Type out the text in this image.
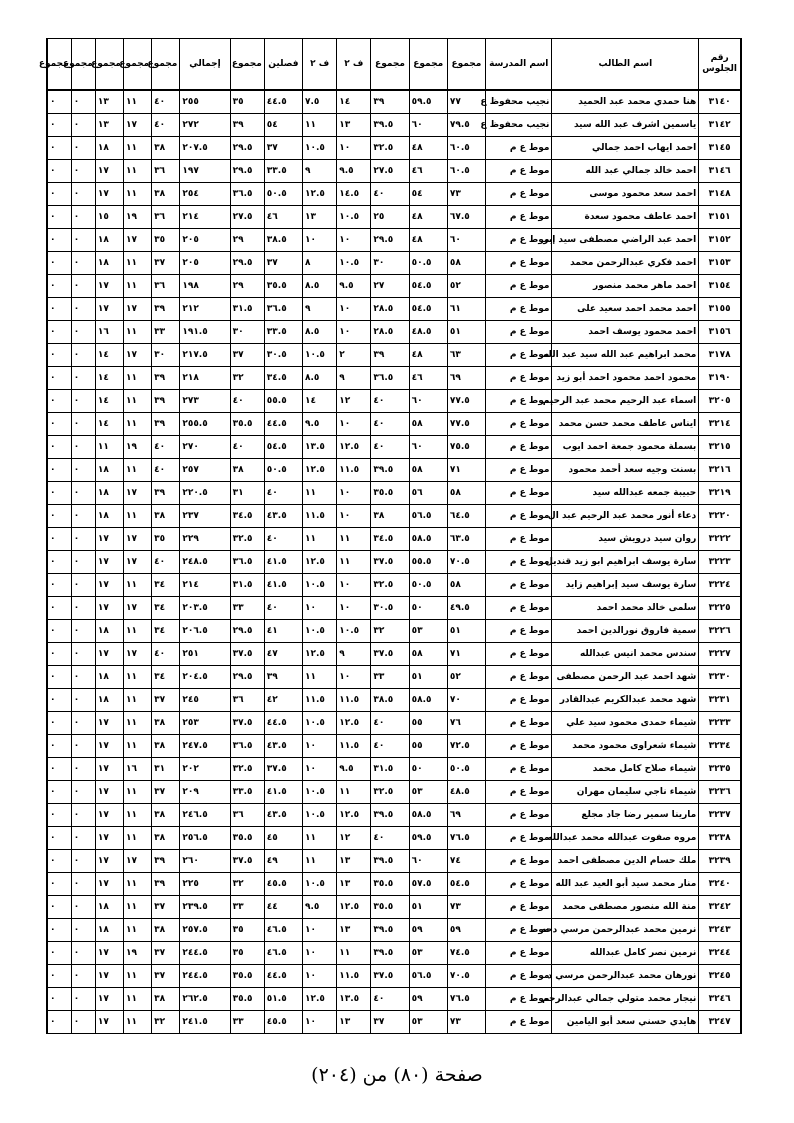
رقم الجلوس	اسم الطالب	اسم المدرسة	مجموع	مجموع	مجموع	ف ٢	ف ٢	فصلين	مجموع	إجمالي	مجموع	مجموع	مجموع	مجموع	مجموع
٣١٤٠	هنا حمدي محمد عبد الحميد	نجيب محفوظ ع	٧٧	٥٩.٥	٣٩	١٤	٧.٥	٤٤.٥	٣٥	٢٥٥	٤٠	١١	١٣	٠	٠
٣١٤٢	ياسمين اشرف عبد الله سيد	نجيب محفوظ ع	٧٩.٥	٦٠	٣٩.٥	١٣	١١	٥٤	٣٩	٢٧٢	٤٠	١٧	١٣	٠	٠
٣١٤٥	احمد ايهاب احمد جمالي	موط ع م	٦٠.٥	٤٨	٣٢.٥	١٠	١٠.٥	٣٧	٢٩.٥	٢٠٧.٥	٣٨	١١	١٨	٠	٠
٣١٤٦	احمد خالد جمالي عبد الله	موط ع م	٦٠.٥	٤٦	٢٧.٥	٩.٥	٩	٣٣.٥	٢٩.٥	١٩٧	٣٦	١١	١٧	٠	٠
٣١٤٨	احمد سعد محمود موسى	موط ع م	٧٣	٥٤	٤٠	١٤.٥	١٢.٥	٥٠.٥	٣٦.٥	٢٥٤	٣٨	١١	١٧	٠	٠
٣١٥١	احمد عاطف محمود سعدة	موط ع م	٦٧.٥	٤٨	٢٥	١٠.٥	١٣	٤٦	٢٧.٥	٢١٤	٣٦	١٩	١٥	٠	٠
٣١٥٢	احمد عبد الراضي مصطفى سيد إبر	موط ع م	٦٠	٤٨	٢٩.٥	١٠	١٠	٣٨.٥	٢٩	٢٠٥	٣٥	١٧	١٨	٠	٠
٣١٥٣	احمد فكري عبدالرحمن محمد	موط ع م	٥٨	٥٠.٥	٣٠	١٠.٥	٨	٣٧	٢٩.٥	٢٠٥	٣٧	١١	١٨	٠	٠
٣١٥٤	احمد ماهر محمد منصور	موط ع م	٥٢	٥٤.٥	٢٧	٩.٥	٨.٥	٣٥.٥	٢٩	١٩٨	٣٦	١١	١٧	٠	٠
٣١٥٥	احمد محمد احمد سعيد على	موط ع م	٦١	٥٤.٥	٢٨.٥	١٠	٩	٣٦.٥	٣١.٥	٢١٢	٣٩	١٧	١٧	٠	٠
٣١٥٦	احمد محمود يوسف احمد	موط ع م	٥١	٤٨.٥	٢٨.٥	١٠	٨.٥	٣٣.٥	٣٠	١٩١.٥	٣٣	١١	١٦	٠	٠
٣١٧٨	محمد ابراهيم عبد الله سيد عبد الله	موط ع م	٦٣	٤٨	٣٩	٢	١٠.٥	٣٠.٥	٣٧	٢١٧.٥	٣٠	١٧	١٤	٠	٠
٣١٩٠	محمود احمد محمود احمد أبو زيد	موط ع م	٦٩	٤٦	٣٦.٥	٩	٨.٥	٣٤.٥	٣٢	٢١٨	٣٩	١١	١٤	٠	٠
٣٢٠٥	اسماء عبد الرحيم محمد عبد الرحيم	موط ع م	٧٧.٥	٦٠	٤٠	١٢	١٤	٥٥.٥	٤٠	٢٧٣	٣٩	١١	١٤	٠	٠
٣٢١٤	ايناس عاطف محمد حسن محمد	موط ع م	٧٧.٥	٥٨	٤٠	١٠	٩.٥	٤٤.٥	٣٥.٥	٢٥٥.٥	٣٩	١١	١٤	٠	٠
٣٢١٥	بسملة محمود جمعة احمد ايوب	موط ع م	٧٥.٥	٦٠	٤٠	١٢.٥	١٣.٥	٥٤.٥	٤٠	٢٧٠	٤٠	١٩	١١	٠	٠
٣٢١٦	بسنت وجيه سعد أحمد محمود	موط ع م	٧١	٥٨	٣٩.٥	١١.٥	١٢.٥	٥٠.٥	٣٨	٢٥٧	٤٠	١١	١٨	٠	٠
٣٢١٩	حبيبة جمعه عبدالله سيد	موط ع م	٥٨	٥٦	٣٥.٥	١٠	١١	٤٠	٣١	٢٢٠.٥	٣٩	١٧	١٨	٠	٠
٣٢٢٠	دعاء أنور محمد عبد الرحيم عبد ال	موط ع م	٦٤.٥	٥٦.٥	٣٨	١٠	١١.٥	٤٣.٥	٣٤.٥	٢٣٧	٣٨	١١	١٨	٠	٠
٣٢٢٢	روان سيد درويش سيد	موط ع م	٦٣.٥	٥٨.٥	٣٤.٥	١١	١١	٤٠	٣٢.٥	٢٢٩	٣٥	١٧	١٧	٠	٠
٣٢٢٣	سارة يوسف ابراهيم ابو زيد قنديل	موط ع م	٧٠.٥	٥٥.٥	٣٧.٥	١١	١٢.٥	٤١.٥	٣٦.٥	٢٤٨.٥	٤٠	١٧	١٧	٠	٠
٣٢٢٤	سارة يوسف سيد إبراهيم زايد	موط ع م	٥٨	٥٠.٥	٣٢.٥	١٠	١٠.٥	٤١.٥	٣١.٥	٢١٤	٣٤	١١	١٧	٠	٠
٣٢٢٥	سلمى خالد محمد احمد	موط ع م	٤٩.٥	٥٠	٣٠.٥	١٠	١٠	٤٠	٣٣	٢٠٣.٥	٣٤	١٧	١٧	٠	٠
٣٢٢٦	سمية فاروق نورالدين احمد	موط ع م	٥١	٥٣	٣٢	١٠.٥	١٠.٥	٤١	٢٩.٥	٢٠٦.٥	٣٤	١١	١٨	٠	٠
٣٢٢٧	سندس محمد انيس عبدالله	موط ع م	٧١	٥٨	٣٧.٥	٩	١٢.٥	٤٧	٣٧.٥	٢٥١	٤٠	١٧	١٧	٠	٠
٣٢٣٠	شهد احمد عبد الرحمن مصطفى	موط ع م	٥٢	٥١	٣٣	١٠	١١	٣٩	٢٩.٥	٢٠٤.٥	٣٤	١١	١٨	٠	٠
٣٢٣١	شهد محمد عبدالكريم عبدالقادر	موط ع م	٧٠	٥٨.٥	٣٨.٥	١١.٥	١١.٥	٤٢	٣٦	٢٤٥	٣٧	١١	١٨	٠	٠
٣٢٣٣	شيماء حمدى محمود سيد علي	موط ع م	٧٦	٥٥	٤٠	١٢.٥	١٠.٥	٤٤.٥	٣٧.٥	٢٥٣	٣٨	١١	١٧	٠	٠
٣٢٣٤	شيماء شعراوى محمود محمد	موط ع م	٧٢.٥	٥٥	٤٠	١١.٥	١٠	٤٣.٥	٣٦.٥	٢٤٧.٥	٣٨	١١	١٧	٠	٠
٣٢٣٥	شيماء صلاح كامل محمد	موط ع م	٥٠.٥	٥٠	٣١.٥	٩.٥	١٠	٣٧.٥	٣٢.٥	٢٠٢	٣١	١٦	١٧	٠	٠
٣٢٣٦	شيماء ناجي سليمان مهران	موط ع م	٤٨.٥	٥٣	٣٢.٥	١١	١٠.٥	٤١.٥	٣٣.٥	٢٠٩	٣٧	١١	١٧	٠	٠
٣٢٣٧	مارينا سمير رضا جاد مجلع	موط ع م	٦٩	٥٨.٥	٣٩.٥	١٢.٥	١٠.٥	٤٣.٥	٣٦	٢٤٦.٥	٣٨	١١	١٧	٠	٠
٣٢٣٨	مروه صفوت عبدالله محمد عبدالله	موط ع م	٧٦.٥	٥٩.٥	٤٠	١٢	١١	٤٥	٣٥.٥	٢٥٦.٥	٣٨	١١	١٧	٠	٠
٣٢٣٩	ملك حسام الدين مصطفى احمد	موط ع م	٧٤	٦٠	٣٩.٥	١٣	١١	٤٩	٣٧.٥	٢٦٠	٣٩	١٧	١٧	٠	٠
٣٢٤٠	منار محمد سيد أبو العيد عبد الله	موط ع م	٥٤.٥	٥٧.٥	٣٥.٥	١٣	١٠.٥	٤٥.٥	٣٢	٢٢٥	٣٩	١١	١٧	٠	٠
٣٢٤٢	منة الله منصور مصطفى محمد	موط ع م	٧٣	٥١	٣٥.٥	١٢.٥	٩.٥	٤٤	٣٣	٢٣٩.٥	٣٧	١١	١٨	٠	٠
٣٢٤٣	نرمين محمد عبدالرحمن مرسي دحه	موط ع م	٥٩	٥٩	٣٩.٥	١٣	١٠	٤٦.٥	٣٥	٢٥٧.٥	٣٨	١١	١٨	٠	٠
٣٢٤٤	نرمين نصر كامل عبدالله	موط ع م	٧٤.٥	٥٣	٣٩.٥	١١	١٠	٤٦.٥	٣٥	٢٤٤.٥	٣٧	١٩	١٧	٠	٠
٣٢٤٥	نورهان محمد عبدالرحمن مرسي د	موط ع م	٧٠.٥	٥٦.٥	٣٧.٥	١١.٥	١٠	٤٤.٥	٣٥.٥	٢٤٤.٥	٣٧	١١	١٧	٠	٠
٣٢٤٦	نيجار محمد متولي جمالي عبدالرحم	موط ع م	٧٦.٥	٥٩	٤٠	١٣.٥	١٢.٥	٥١.٥	٣٥.٥	٢٦٢.٥	٣٨	١١	١٧	٠	٠
٣٢٤٧	هايدي حسني سعد أبو اليامين	موط ع م	٧٣	٥٣	٣٧	١٣	١٠	٤٥.٥	٣٣	٢٤١.٥	٣٢	١١	١٧	٠	٠
صفحة (٨٠) من (٢٠٤)
